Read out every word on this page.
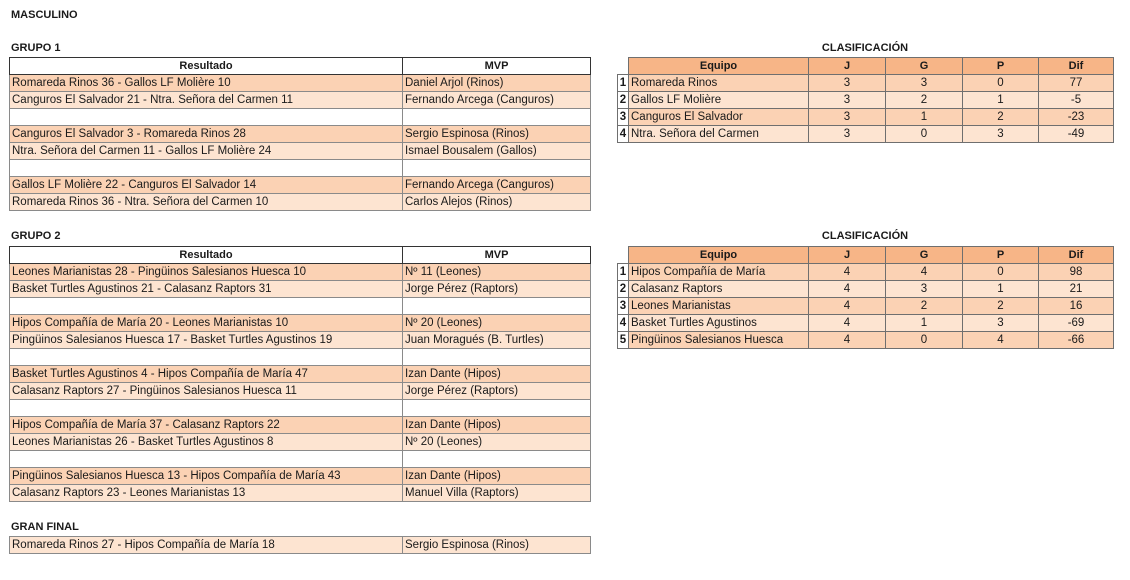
MASCULINO
GRUPO 1
Resultado	MVP
Romareda Rinos 36 - Gallos LF Molière 10	Daniel Arjol (Rinos)
Canguros El Salvador 21 - Ntra. Señora del Carmen 11	Fernando Arcega (Canguros)

Canguros El Salvador 3 - Romareda Rinos 28	Sergio Espinosa (Rinos)
Ntra. Señora del Carmen 11 - Gallos LF Molière 24	Ismael Bousalem (Gallos)

Gallos LF Molière 22 - Canguros El Salvador 14	Fernando Arcega (Canguros)
Romareda Rinos 36 - Ntra. Señora del Carmen 10	Carlos Alejos (Rinos)
CLASIFICACIÓN
	Equipo	J	G	P	Dif
1	Romareda Rinos	3	3	0	77
2	Gallos LF Molière	3	2	1	-5
3	Canguros El Salvador	3	1	2	-23
4	Ntra. Señora del Carmen	3	0	3	-49
GRUPO 2
Resultado	MVP
Leones Marianistas 28 - Pingüinos Salesianos Huesca 10	Nº 11 (Leones)
Basket Turtles Agustinos 21 - Calasanz Raptors 31	Jorge Pérez (Raptors)

Hipos Compañía de María 20 - Leones Marianistas 10	Nº 20 (Leones)
Pingüinos Salesianos Huesca 17 - Basket Turtles Agustinos 19	Juan Moragués (B. Turtles)

Basket Turtles Agustinos 4 - Hipos Compañía de María 47	Izan Dante (Hipos)
Calasanz Raptors 27 - Pingüinos Salesianos Huesca 11	Jorge Pérez (Raptors)

Hipos Compañía de María 37 - Calasanz Raptors 22	Izan Dante (Hipos)
Leones Marianistas 26 - Basket Turtles Agustinos 8	Nº 20 (Leones)

Pingüinos Salesianos Huesca 13 - Hipos Compañía de María 43	Izan Dante (Hipos)
Calasanz Raptors 23 - Leones Marianistas 13	Manuel Villa (Raptors)
CLASIFICACIÓN
	Equipo	J	G	P	Dif
1	Hipos Compañía de María	4	4	0	98
2	Calasanz Raptors	4	3	1	21
3	Leones Marianistas	4	2	2	16
4	Basket Turtles Agustinos	4	1	3	-69
5	Pingüinos Salesianos Huesca	4	0	4	-66
GRAN FINAL
Romareda Rinos 27 - Hipos Compañía de María 18	Sergio Espinosa (Rinos)
